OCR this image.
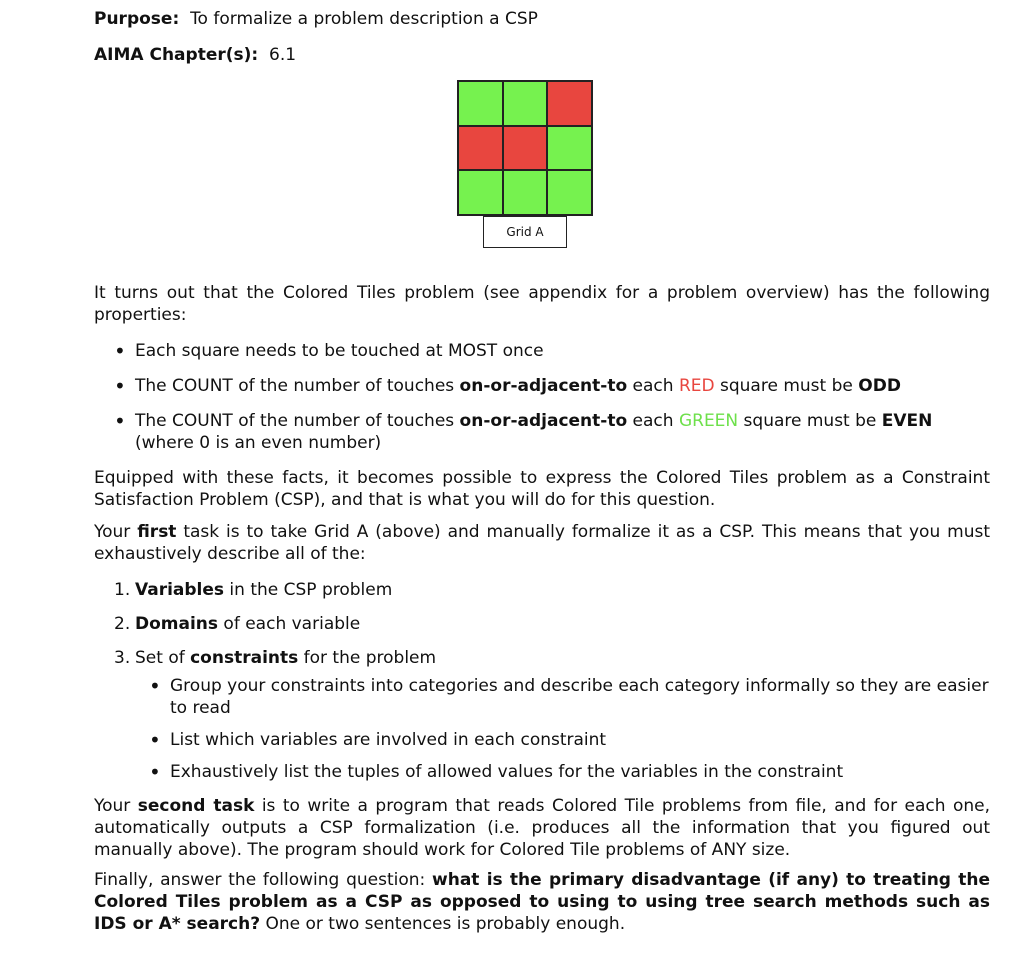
Purpose: To formalize a problem description a CSP

AIMA Chapter(s): 6.1

Grid A

It turns out that the Colored Tiles problem (see appendix for a problem overview) has the following properties:

• Each square needs to be touched at MOST once
• The COUNT of the number of touches on-or-adjacent-to each RED square must be ODD
• The COUNT of the number of touches on-or-adjacent-to each GREEN square must be EVEN (where 0 is an even number)

Equipped with these facts, it becomes possible to express the Colored Tiles problem as a Constraint Satisfaction Problem (CSP), and that is what you will do for this question.

Your first task is to take Grid A (above) and manually formalize it as a CSP. This means that you must exhaustively describe all of the:

1. Variables in the CSP problem
2. Domains of each variable
3. Set of constraints for the problem
• Group your constraints into categories and describe each category informally so they are easier to read
• List which variables are involved in each constraint
• Exhaustively list the tuples of allowed values for the variables in the constraint

Your second task is to write a program that reads Colored Tile problems from file, and for each one, automatically outputs a CSP formalization (i.e. produces all the information that you figured out manually above). The program should work for Colored Tile problems of ANY size.

Finally, answer the following question: what is the primary disadvantage (if any) to treating the Colored Tiles problem as a CSP as opposed to using to using tree search methods such as IDS or A* search? One or two sentences is probably enough.
